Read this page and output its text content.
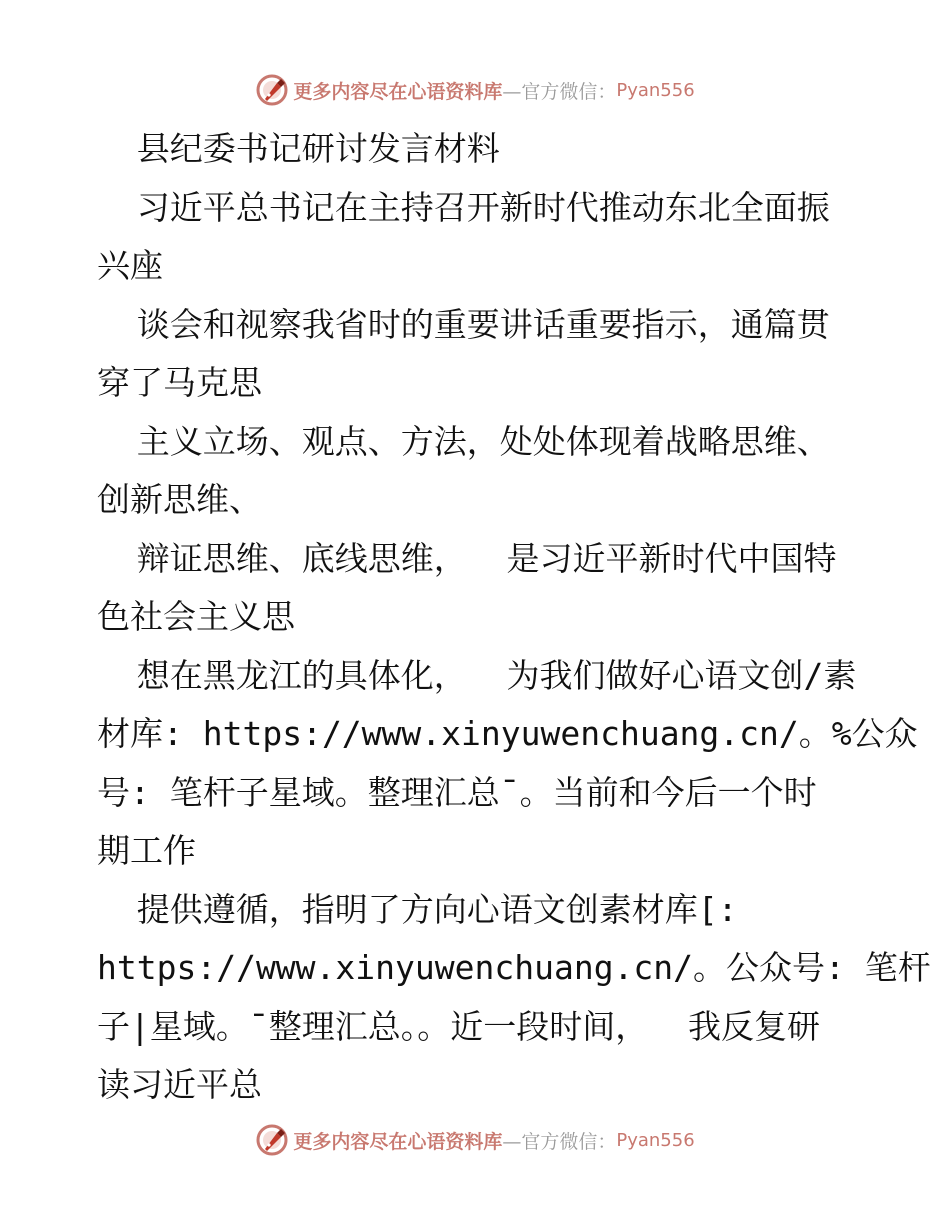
更多内容尽在心语资料库 —官方微信： Pyan556
县纪委书记研讨发言材料
习近平总书记在主持召开新时代推动东北全面振
兴座
谈会和视察我省时的重要讲话重要指示，通篇贯
穿了马克思
主义立场、观点、方法，处处体现着战略思维、
创新思维、
辩证思维、底线思维，  是习近平新时代中国特
色社会主义思
想在黑龙江的具体化，  为我们做好心语文创/素
材库: https://www.xinyuwenchuang.cn/。%公众
号: 笔杆子星域。整理汇总¯。当前和今后一个时
期工作
提供遵循，指明了方向心语文创素材库[:
https://www.xinyuwenchuang.cn/。公众号: 笔杆
子|星域。¯整理汇总。。近一段时间，  我反复研
读习近平总
更多内容尽在心语资料库 —官方微信： Pyan556
